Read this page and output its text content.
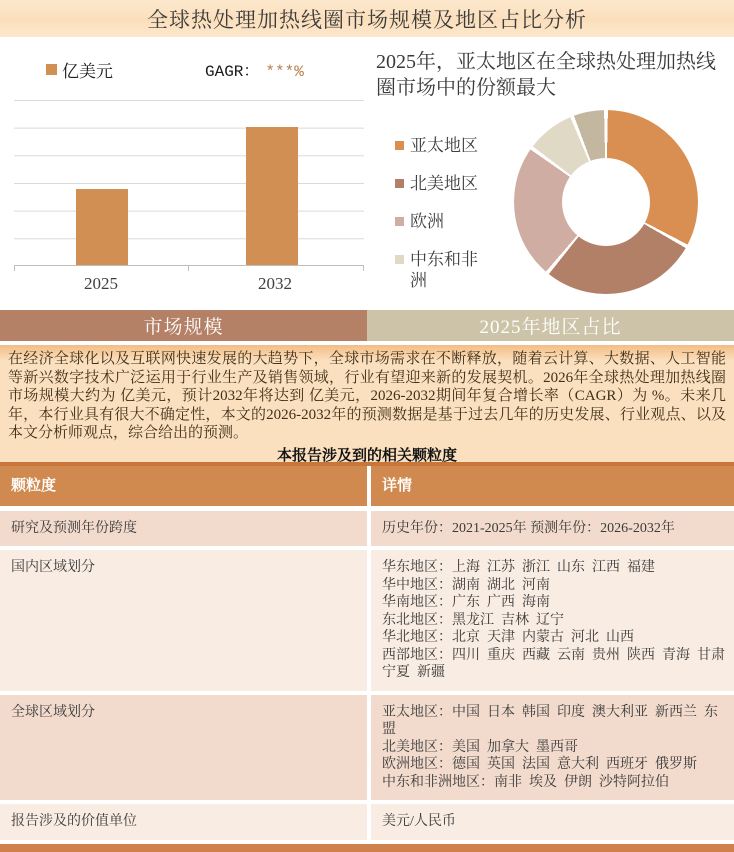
全球热处理加热线圈市场规模及地区占比分析
亿美元	GAGR： ***%
2025	2032
2025年，亚太地区在全球热处理加热线圈市场中的份额最大
亚太地区
北美地区
欧洲
中东和非洲
市场规模	2025年地区占比

在经济全球化以及互联网快速发展的大趋势下，全球市场需求在不断释放，随着云计算、大数据、人工智能等新兴数字技术广泛运用于行业生产及销售领域，行业有望迎来新的发展契机。2026年全球热处理加热线圈市场规模大约为 亿美元，预计2032年将达到 亿美元，2026-2032期间年复合增长率（CAGR）为 %。未来几年，本行业具有很大不确定性，本文的2026-2032年的预测数据是基于过去几年的历史发展、行业观点、以及本文分析师观点，综合给出的预测。

本报告涉及到的相关颗粒度
颗粒度	详情
研究及预测年份跨度	历史年份：2021-2025年 预测年份：2026-2032年
国内区域划分	华东地区：上海  江苏  浙江  山东  江西  福建
华中地区：湖南  湖北  河南
华南地区：广东  广西  海南
东北地区：黑龙江  吉林  辽宁
华北地区：北京  天津  内蒙古  河北  山西
西部地区：四川  重庆  西藏  云南  贵州  陕西  青海  甘肃 宁夏  新疆
全球区域划分	亚太地区：中国  日本  韩国  印度  澳大利亚  新西兰  东盟
北美地区：美国  加拿大  墨西哥
欧洲地区：德国  英国  法国  意大利  西班牙  俄罗斯
中东和非洲地区：南非  埃及  伊朗  沙特阿拉伯
报告涉及的价值单位	美元/人民币
